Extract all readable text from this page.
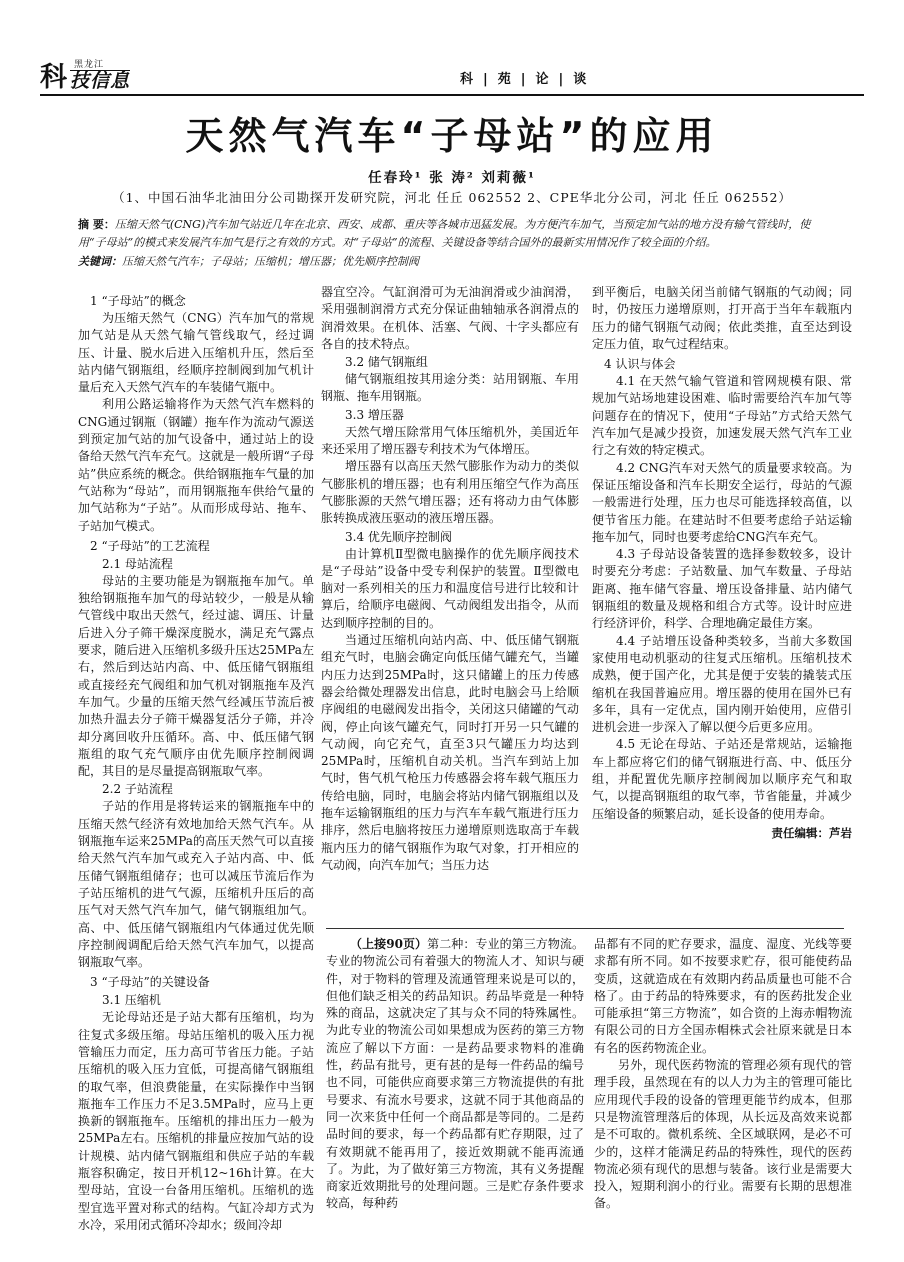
科 黑龙江
技信息	科|苑|论|谈
天然气汽车“子母站”的应用
任春玲¹ 张 涛² 刘莉薇¹
（1、中国石油华北油田分公司勘探开发研究院，河北 任丘 062552 2、CPE华北分公司，河北 任丘 062552）
摘 要：压缩天然气(CNG)汽车加气站近几年在北京、西安、成都、重庆等各城市迅猛发展。为方便汽车加气，当预定加气站的地方没有输气管线时，使用“子母站”的模式来发展汽车加气是行之有效的方式。对“子母站”的流程、关键设备等结合国外的最新实用情况作了较全面的介绍。
关键词：压缩天然气汽车；子母站；压缩机；增压器；优先顺序控制阀
1 “子母站”的概念

为压缩天然气（CNG）汽车加气的常规加气站是从天然气输气管线取气，经过调压、计量、脱水后进入压缩机升压，然后至站内储气钢瓶组，经顺序控制阀到加气机计量后充入天然气汽车的车装储气瓶中。

利用公路运输将作为天然气汽车燃料的CNG通过钢瓶（钢罐）拖车作为流动气源送到预定加气站的加气设备中，通过站上的设备给天然气汽车充气。这就是一般所谓“子母站”供应系统的概念。供给钢瓶拖车气量的加气站称为“母站”，而用钢瓶拖车供给气量的加气站称为“子站”。从而形成母站、拖车、子站加气模式。

2 “子母站”的工艺流程
2.1 母站流程

母站的主要功能是为钢瓶拖车加气。单独给钢瓶拖车加气的母站较少，一般是从输气管线中取出天然气，经过滤、调压、计量后进入分子筛干燥深度脱水，满足充气露点要求，随后进入压缩机多级升压达25MPa左右，然后到达站内高、中、低压储气钢瓶组或直接经充气阀组和加气机对钢瓶拖车及汽车加气。少量的压缩天然气经减压节流后被加热升温去分子筛干燥器复活分子筛，并冷却分离回收升压循环。高、中、低压储气钢瓶组的取气充气顺序由优先顺序控制阀调配，其目的是尽量提高钢瓶取气率。

2.2 子站流程

子站的作用是将转运来的钢瓶拖车中的压缩天然气经济有效地加给天然气汽车。从钢瓶拖车运来25MPa的高压天然气可以直接给天然气汽车加气或充入子站内高、中、低压储气钢瓶组储存；也可以减压节流后作为子站压缩机的进气气源，压缩机升压后的高压气对天然气汽车加气，储气钢瓶组加气。高、中、低压储气钢瓶组内气体通过优先顺序控制阀调配后给天然气汽车加气，以提高钢瓶取气率。

3 “子母站”的关键设备
3.1 压缩机

无论母站还是子站大都有压缩机，均为往复式多级压缩。母站压缩机的吸入压力视管输压力而定，压力高可节省压力能。子站压缩机的吸入压力宜低，可提高储气钢瓶组的取气率，但浪费能量，在实际操作中当钢瓶拖车工作压力不足3.5MPa时，应马上更换新的钢瓶拖车。压缩机的排出压力一般为25MPa左右。压缩机的排量应按加气站的设计规模、站内储气钢瓶组和供应子站的车载瓶容积确定，按日开机12~16h计算。在大型母站，宜设一台备用压缩机。压缩机的选型宜选平置对称式的结构。气缸冷却方式为水冷，采用闭式循环冷却水；级间冷却

器宜空冷。气缸润滑可为无油润滑或少油润滑，采用强制润滑方式充分保证曲轴轴承各润滑点的润滑效果。在机体、活塞、气阀、十字头都应有各自的技术特点。

3.2 储气钢瓶组

储气钢瓶组按其用途分类：站用钢瓶、车用钢瓶、拖车用钢瓶。

3.3 增压器

天然气增压除常用气体压缩机外，美国近年来还采用了增压器专利技术为气体增压。

增压器有以高压天然气膨胀作为动力的类似气膨胀机的增压器；也有利用压缩空气作为高压气膨胀源的天然气增压器；还有将动力由气体膨胀转换成液压驱动的液压增压器。

3.4 优先顺序控制阀

由计算机Ⅱ型微电脑操作的优先顺序阀技术是“子母站”设备中受专利保护的装置。Ⅱ型微电脑对一系列相关的压力和温度信号进行比较和计算后，给顺序电磁阀、气动阀组发出指令，从而达到顺序控制的目的。

当通过压缩机向站内高、中、低压储气钢瓶组充气时，电脑会确定向低压储气罐充气，当罐内压力达到25MPa时，这只储罐上的压力传感器会给微处理器发出信息，此时电脑会马上给顺序阀组的电磁阀发出指令，关闭这只储罐的气动阀，停止向该气罐充气，同时打开另一只气罐的气动阀，向它充气，直至3只气罐压力均达到25MPa时，压缩机自动关机。当汽车到站上加气时，售气机气枪压力传感器会将车载气瓶压力传给电脑，同时，电脑会将站内储气钢瓶组以及拖车运输钢瓶组的压力与汽车车载气瓶进行压力排序，然后电脑将按压力递增原则选取高于车载瓶内压力的储气钢瓶作为取气对象，打开相应的气动阀，向汽车加气；当压力达

到平衡后，电脑关闭当前储气钢瓶的气动阀；同时，仍按压力递增原则，打开高于当年车载瓶内压力的储气钢瓶气动阀；依此类推，直至达到设定压力值，取气过程结束。

4 认识与体会

4.1 在天然气输气管道和管网规模有限、常规加气站场地建设困难、临时需要给汽车加气等问题存在的情况下，使用“子母站”方式给天然气汽车加气是减少投资，加速发展天然气汽车工业行之有效的特定模式。

4.2 CNG汽车对天然气的质量要求较高。为保证压缩设备和汽车长期安全运行，母站的气源一般需进行处理，压力也尽可能选择较高值，以便节省压力能。在建站时不但要考虑给子站运输拖车加气，同时也要考虑给CNG汽车充气。

4.3 子母站设备装置的选择参数较多，设计时要充分考虑：子站数量、加气车数量、子母站距离、拖车储气容量、增压设备排量、站内储气钢瓶组的数量及规格和组合方式等。设计时应进行经济评价，科学、合理地确定最佳方案。

4.4 子站增压设备种类较多，当前大多数国家使用电动机驱动的往复式压缩机。压缩机技术成熟，便于国产化，尤其是便于安装的撬装式压缩机在我国普遍应用。增压器的使用在国外已有多年，具有一定优点，国内刚开始使用，应借引进机会进一步深入了解以便今后更多应用。

4.5 无论在母站、子站还是常规站，运输拖车上都应将它们的储气钢瓶进行高、中、低压分组，并配置优先顺序控制阀加以顺序充气和取气，以提高钢瓶组的取气率，节省能量，并减少压缩设备的频繁启动，延长设备的使用寿命。

责任编辑：芦岩

（上接90页）第二种：专业的第三方物流。专业的物流公司有着强大的物流人才、知识与硬件，对于物料的管理及流通管理来说是可以的，但他们缺乏相关的药品知识。药品毕竟是一种特殊的商品，这就决定了其与众不同的特殊属性。为此专业的物流公司如果想成为医药的第三方物流应了解以下方面：一是药品要求物料的准确性，药品有批号，更有甚的是每一件药品的编号也不同，可能供应商要求第三方物流提供的有批号要求、有流水号要求，这就不同于其他商品的同一次来货中任何一个商品都是等同的。二是药品时间的要求，每一个药品都有贮存期限，过了有效期就不能再用了，接近效期就不能再流通了。为此，为了做好第三方物流，其有义务提醒商家近效期批号的处理问题。三是贮存条件要求较高，每种药

品都有不同的贮存要求，温度、湿度、光线等要求都有所不同。如不按要求贮存，很可能使药品变质，这就造成在有效期内药品质量也可能不合格了。由于药品的特殊要求，有的医药批发企业可能承担“第三方物流”，如合资的上海赤帽物流有限公司的日方全国赤帽株式会社原来就是日本有名的医药物流企业。

另外，现代医药物流的管理必须有现代的管理手段，虽然现在有的以人力为主的管理可能比应用现代手段的设备的管理更能节约成本，但那只是物流管理落后的体现，从长远及高效来说都是不可取的。微机系统、全区域联网，是必不可少的，这样才能满足药品的特殊性，现代的医药物流必须有现代的思想与装备。该行业是需要大投入，短期利润小的行业。需要有长期的思想准备。
